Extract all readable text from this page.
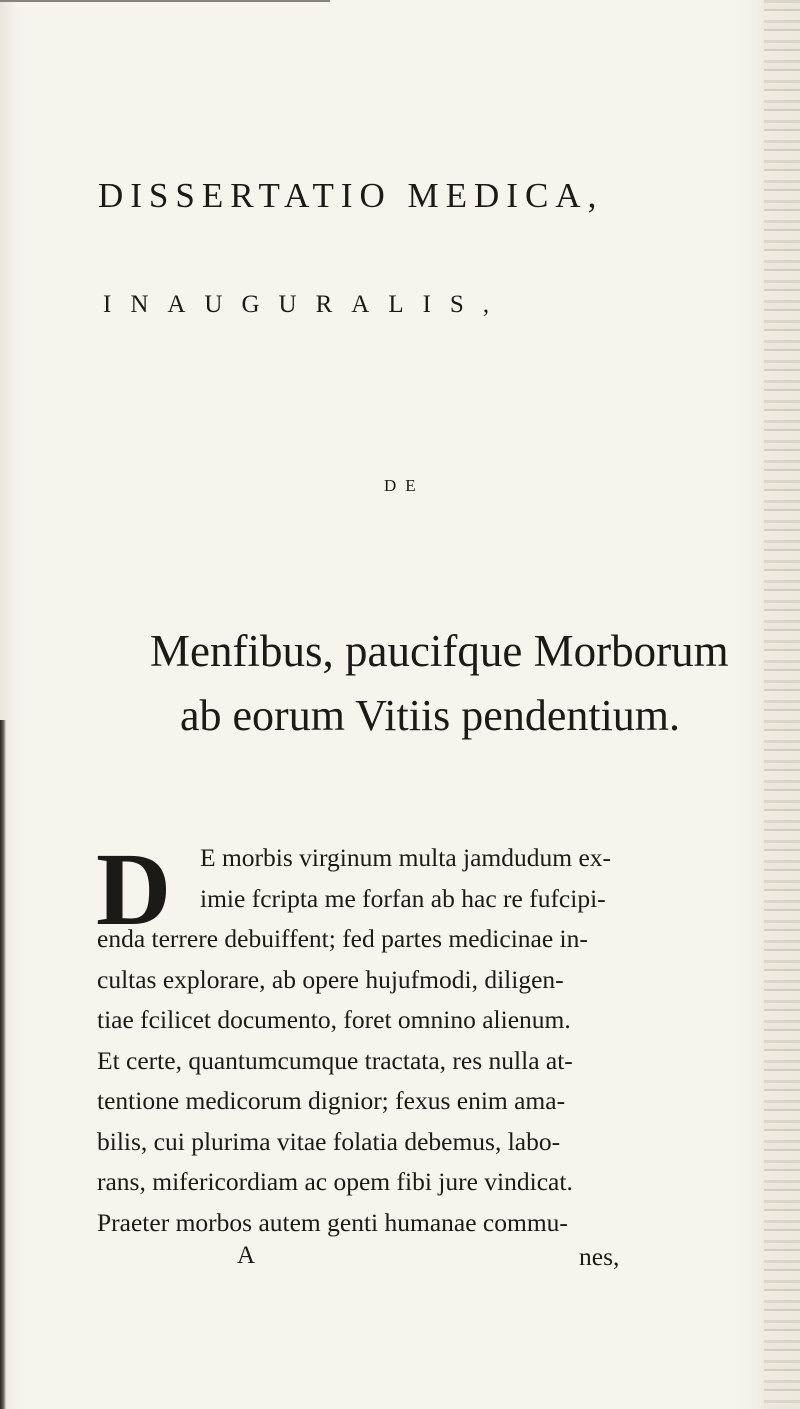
DISSERTATIO MEDICA,
INAUGURALIS,
DE
Menfibus, paucifque Morborum
ab eorum Vitiis pendentium.
D	E morbis virginum multa jamdudum ex-
imie fcripta me forfan ab hac re fufcipi-
enda terrere debuiffent; fed partes medicinae in-
cultas explorare, ab opere hujufmodi, diligen-
tiae fcilicet documento, foret omnino alienum.
Et certe, quantumcumque tractata, res nulla at-
tentione medicorum dignior; fexus enim ama-
bilis, cui plurima vitae folatia debemus, labo-
rans, mifericordiam ac opem fibi jure vindicat.
Praeter morbos autem genti humanae commu-
A	nes,
